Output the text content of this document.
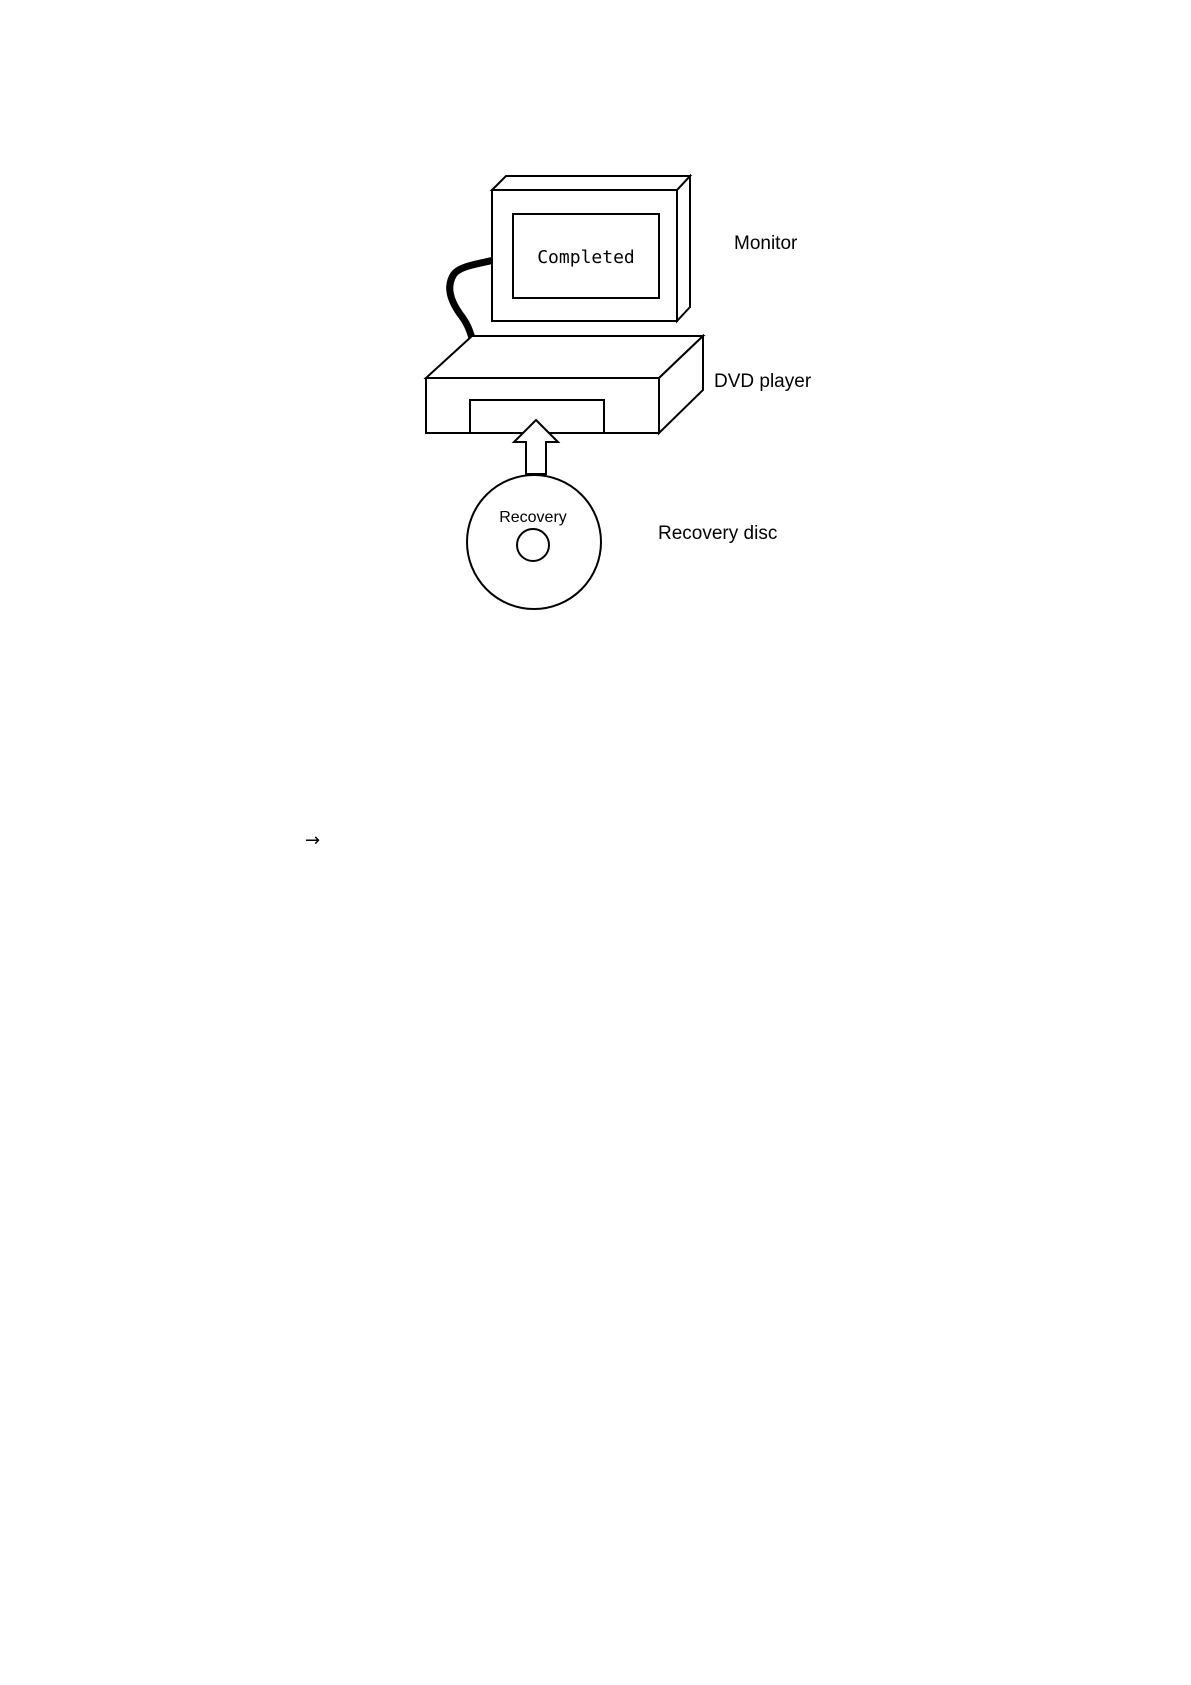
Completed
Recovery
Monitor
DVD player
Recovery disc
→
